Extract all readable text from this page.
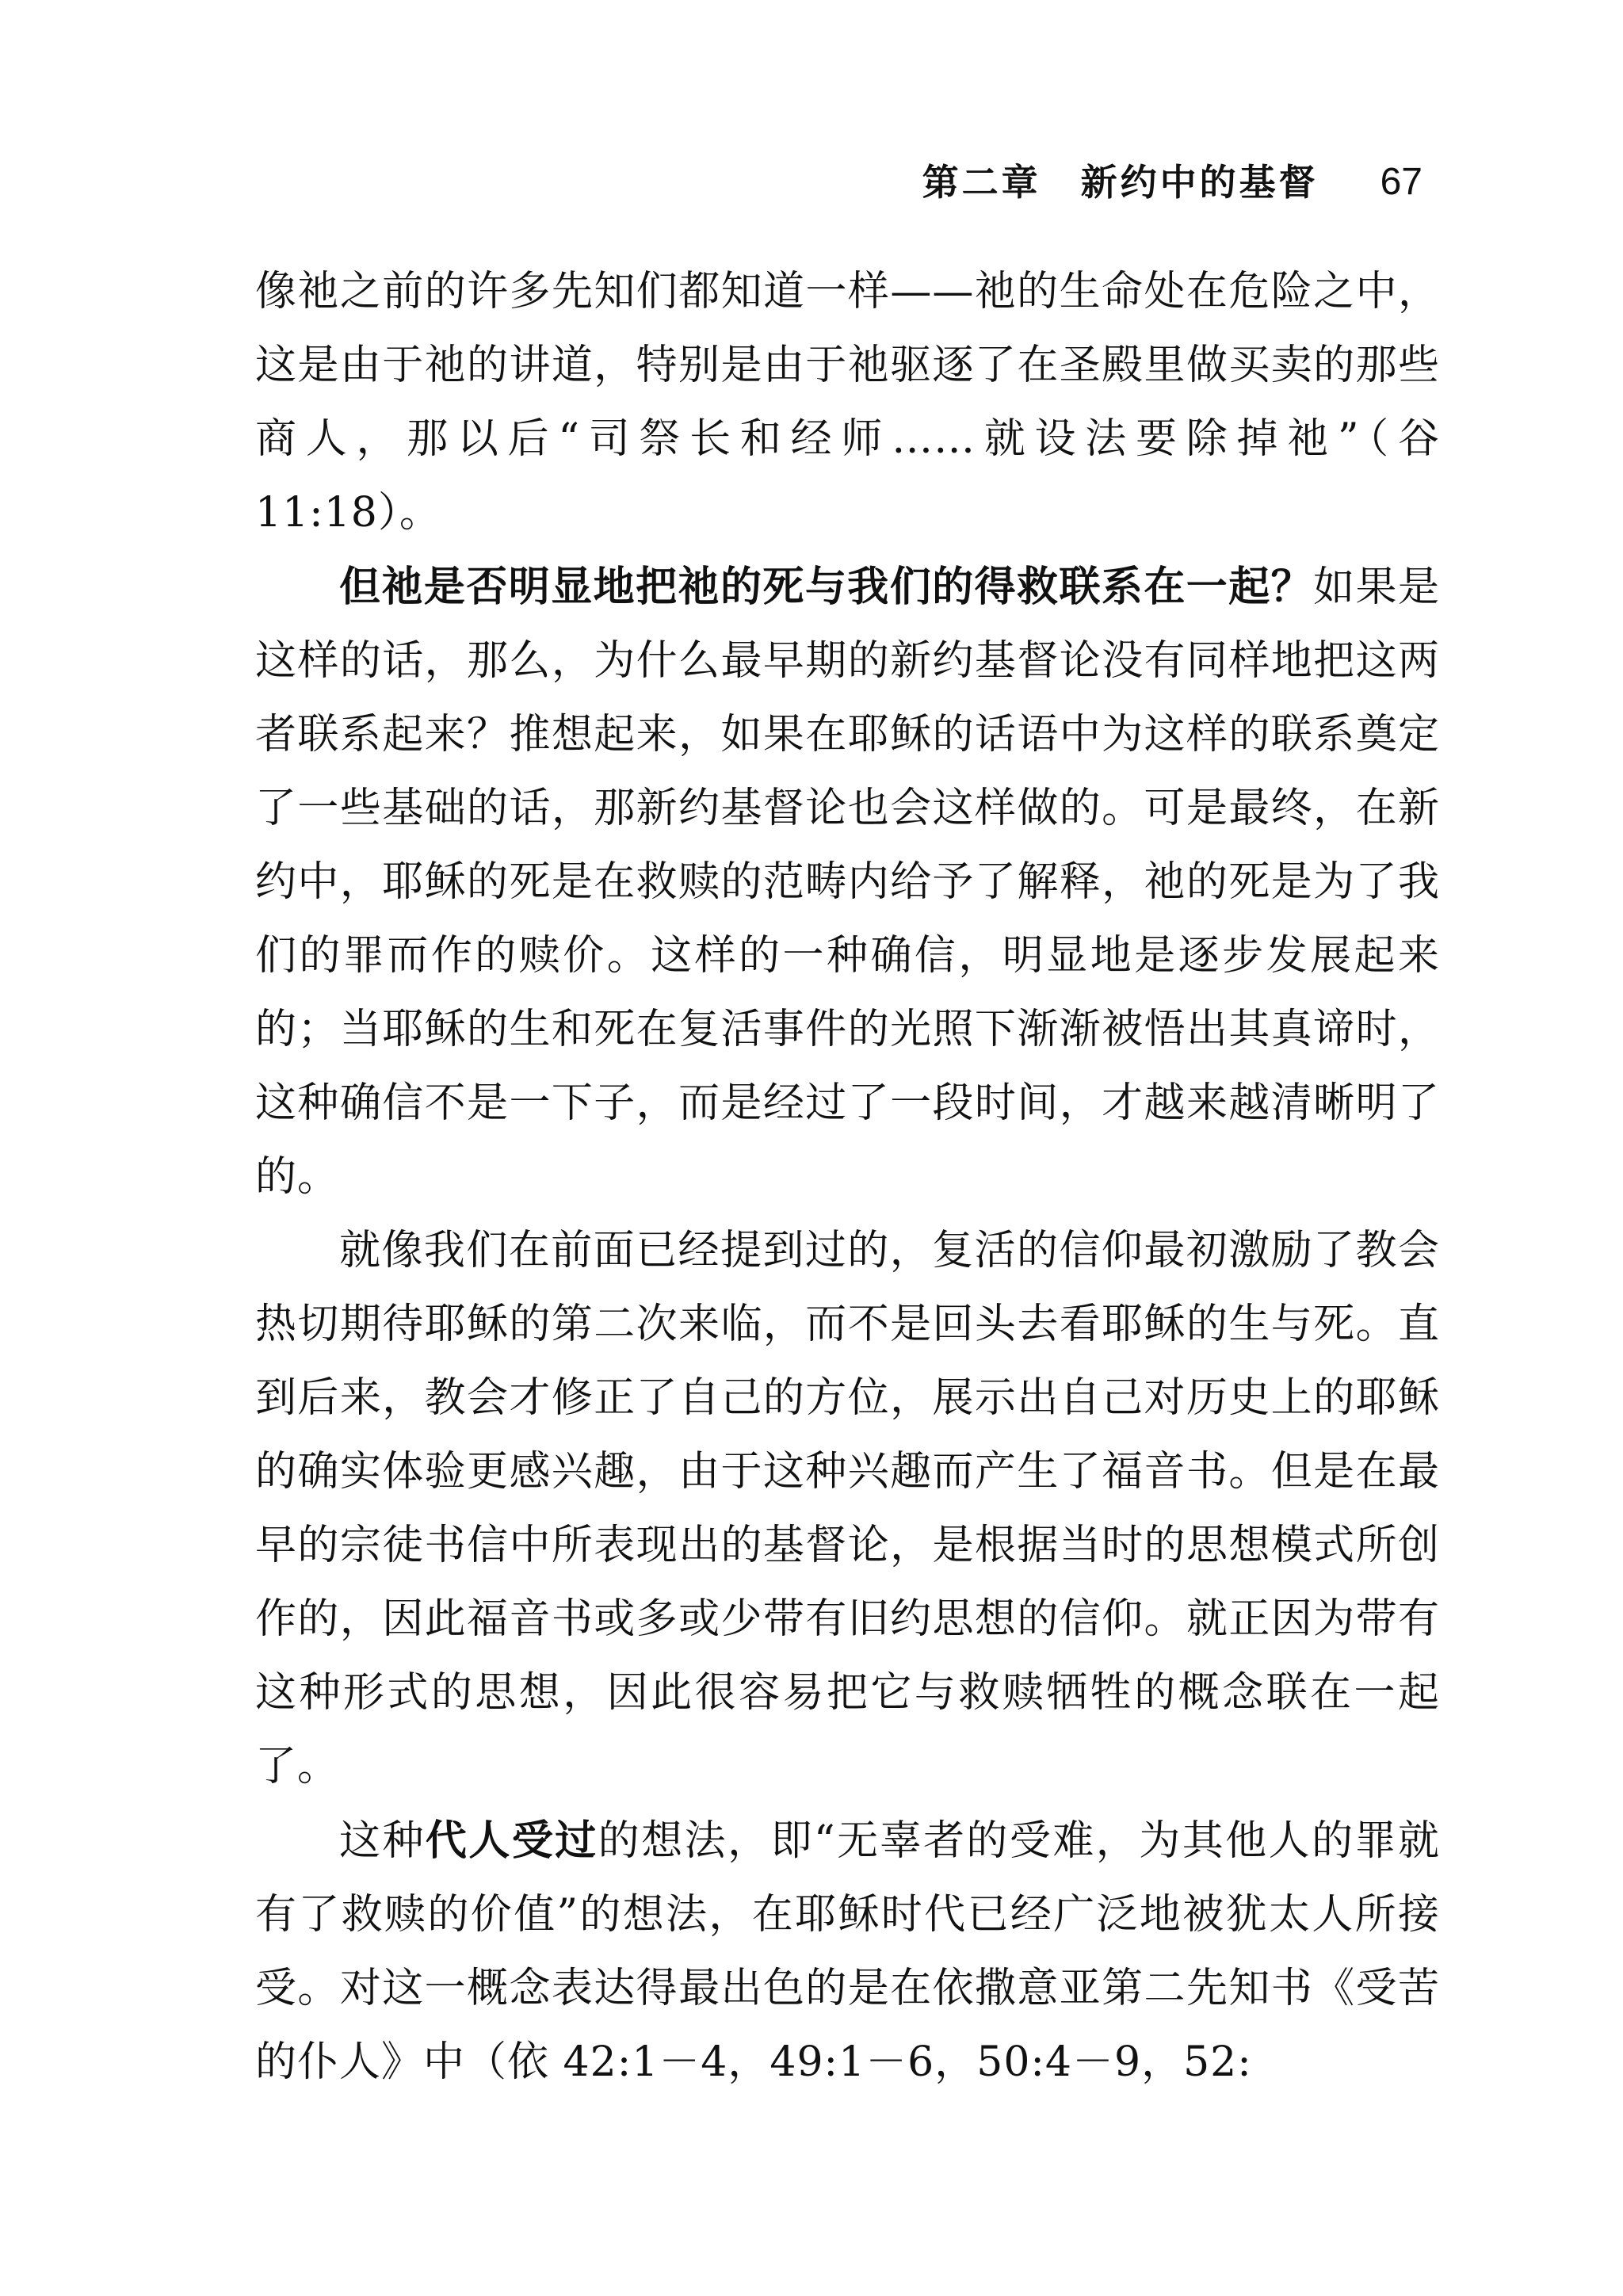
第二章　新约中的基督 67

像祂之前的许多先知们都知道一样——祂的生命处在危险之中，这是由于祂的讲道，特别是由于祂驱逐了在圣殿里做买卖的那些商人，那以后“司祭长和经师……就设法要除掉祂”（谷 11:18）。

但祂是否明显地把祂的死与我们的得救联系在一起？如果是这样的话，那么，为什么最早期的新约基督论没有同样地把这两者联系起来？推想起来，如果在耶稣的话语中为这样的联系奠定了一些基础的话，那新约基督论也会这样做的。可是最终，在新约中，耶稣的死是在救赎的范畴内给予了解释，祂的死是为了我们的罪而作的赎价。这样的一种确信，明显地是逐步发展起来的；当耶稣的生和死在复活事件的光照下渐渐被悟出其真谛时，这种确信不是一下子，而是经过了一段时间，才越来越清晰明了的。

就像我们在前面已经提到过的，复活的信仰最初激励了教会热切期待耶稣的第二次来临，而不是回头去看耶稣的生与死。直到后来，教会才修正了自己的方位，展示出自己对历史上的耶稣的确实体验更感兴趣，由于这种兴趣而产生了福音书。但是在最早的宗徒书信中所表现出的基督论，是根据当时的思想模式所创作的，因此福音书或多或少带有旧约思想的信仰。就正因为带有这种形式的思想，因此很容易把它与救赎牺牲的概念联在一起了。

这种代人受过的想法，即“无辜者的受难，为其他人的罪就有了救赎的价值”的想法，在耶稣时代已经广泛地被犹太人所接受。对这一概念表达得最出色的是在依撒意亚第二先知书《受苦的仆人》中（依 42:1－4，49:1－6，50:4－9，52:
